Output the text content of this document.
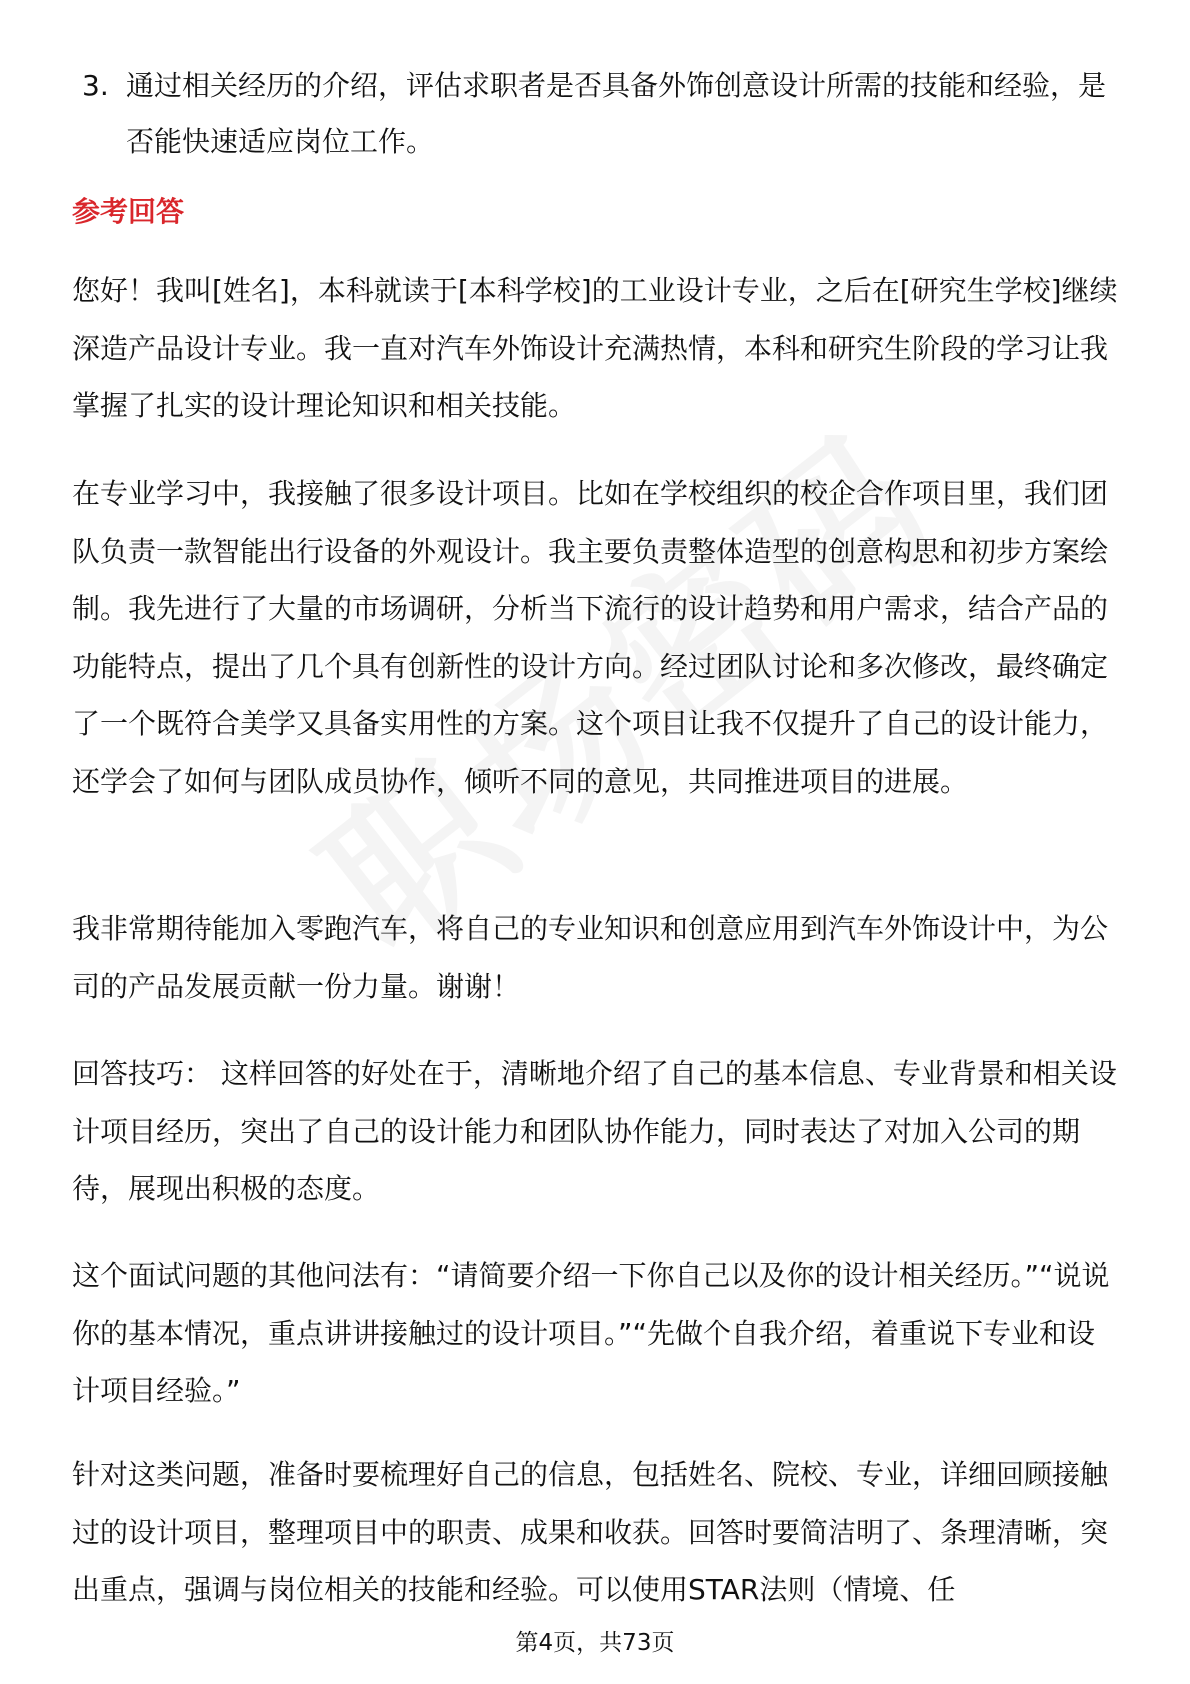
3. 通过相关经历的介绍，评估求职者是否具备外饰创意设计所需的技能和经验，是否能快速适应岗位工作。
参考回答

您好！我叫[姓名]，本科就读于[本科学校]的工业设计专业，之后在[研究生学校]继续深造产品设计专业。我一直对汽车外饰设计充满热情，本科和研究生阶段的学习让我掌握了扎实的设计理论知识和相关技能。

在专业学习中，我接触了很多设计项目。比如在学校组织的校企合作项目里，我们团队负责一款智能出行设备的外观设计。我主要负责整体造型的创意构思和初步方案绘制。我先进行了大量的市场调研，分析当下流行的设计趋势和用户需求，结合产品的功能特点，提出了几个具有创新性的设计方向。经过团队讨论和多次修改，最终确定了一个既符合美学又具备实用性的方案。这个项目让我不仅提升了自己的设计能力，还学会了如何与团队成员协作，倾听不同的意见，共同推进项目的进展。

我非常期待能加入零跑汽车，将自己的专业知识和创意应用到汽车外饰设计中，为公司的产品发展贡献一份力量。谢谢！

回答技巧： 这样回答的好处在于，清晰地介绍了自己的基本信息、专业背景和相关设计项目经历，突出了自己的设计能力和团队协作能力，同时表达了对加入公司的期待，展现出积极的态度。

这个面试问题的其他问法有：“请简要介绍一下你自己以及你的设计相关经历。”“说说你的基本情况，重点讲讲接触过的设计项目。”“先做个自我介绍，着重说下专业和设计项目经验。”

针对这类问题，准备时要梳理好自己的信息，包括姓名、院校、专业，详细回顾接触过的设计项目，整理项目中的职责、成果和收获。回答时要简洁明了、条理清晰，突出重点，强调与岗位相关的技能和经验。可以使用STAR法则（情境、任

第4页，共73页
